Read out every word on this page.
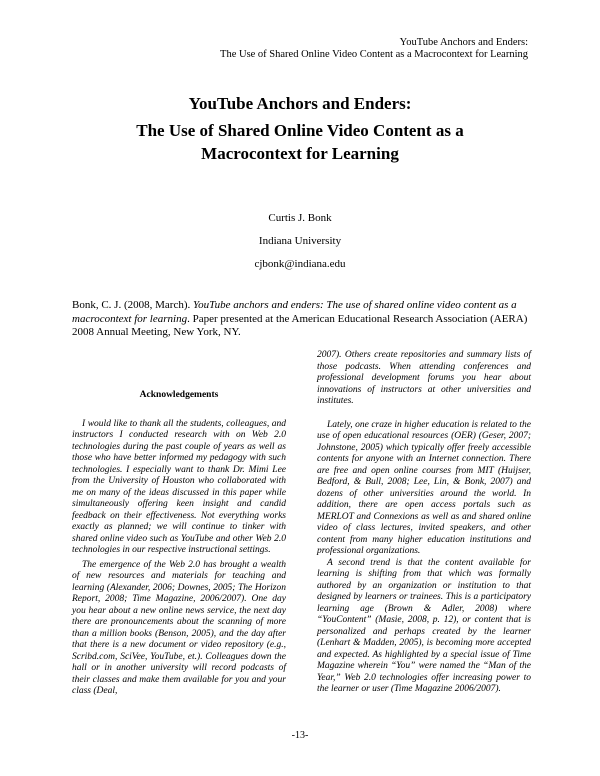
YouTube Anchors and Enders:
The Use of Shared Online Video Content as a Macrocontext for Learning
YouTube Anchors and Enders:
The Use of Shared Online Video Content as a Macrocontext for Learning
Curtis J. Bonk
Indiana University
cjbonk@indiana.edu
Bonk, C. J. (2008, March). YouTube anchors and enders: The use of shared online video content as a macrocontext for learning. Paper presented at the American Educational Research Association (AERA) 2008 Annual Meeting, New York, NY.
Acknowledgements

I would like to thank all the students, colleagues, and instructors I conducted research with on Web 2.0 technologies during the past couple of years as well as those who have better informed my pedagogy with such technologies. I especially want to thank Dr. Mimi Lee from the University of Houston who collaborated with me on many of the ideas discussed in this paper while simultaneously offering keen insight and candid feedback on their effectiveness. Not everything works exactly as planned; we will continue to tinker with shared online video such as YouTube and other Web 2.0 technologies in our respective instructional settings.

The emergence of the Web 2.0 has brought a wealth of new resources and materials for teaching and learning (Alexander, 2006; Downes, 2005; The Horizon Report, 2008; Time Magazine, 2006/2007). One day you hear about a new online news service, the next day there are pronouncements about the scanning of more than a million books (Benson, 2005), and the day after that there is a new document or video repository (e.g., Scribd.com, SciVee, YouTube, et.). Colleagues down the hall or in another university will record podcasts of their classes and make them available for you and your class (Deal,

2007). Others create repositories and summary lists of those podcasts. When attending conferences and professional development forums you hear about innovations of instructors at other universities and institutes.

Lately, one craze in higher education is related to the use of open educational resources (OER) (Geser, 2007; Johnstone, 2005) which typically offer freely accessible contents for anyone with an Internet connection. There are free and open online courses from MIT (Huijser, Bedford, & Bull, 2008; Lee, Lin, & Bonk, 2007) and dozens of other universities around the world. In addition, there are open access portals such as MERLOT and Connexions as well as and shared online video of class lectures, invited speakers, and other content from many higher education institutions and professional organizations.

A second trend is that the content available for learning is shifting from that which was formally authored by an organization or institution to that designed by learners or trainees. This is a participatory learning age (Brown & Adler, 2008) where “YouContent” (Masie, 2008, p. 12), or content that is personalized and perhaps created by the learner (Lenhart & Madden, 2005), is becoming more accepted and expected. As highlighted by a special issue of Time Magazine wherein “You” were named the “Man of the Year,” Web 2.0 technologies offer increasing power to the learner or user (Time Magazine 2006/2007).

-13-
